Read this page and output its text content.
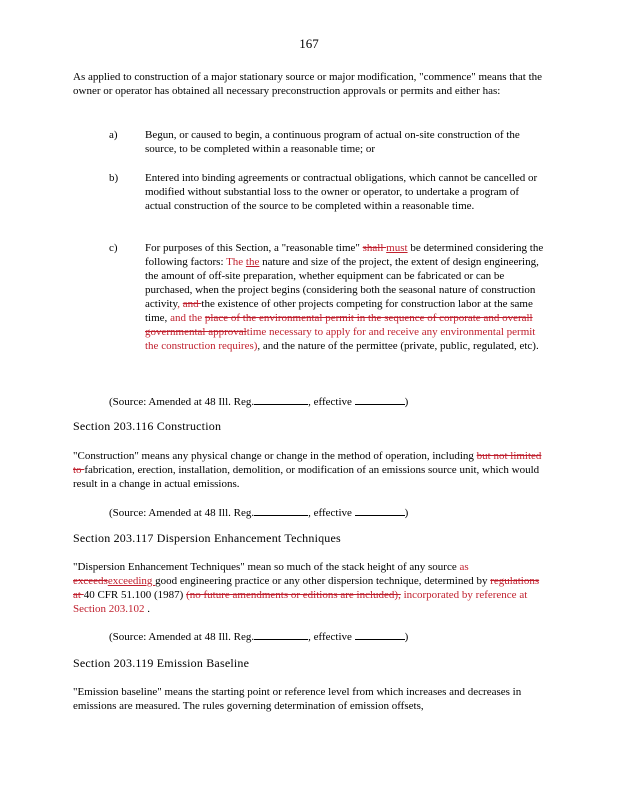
167
As applied to construction of a major stationary source or major modification, "commence" means that the owner or operator has obtained all necessary preconstruction approvals or permits and either has:
a) Begun, or caused to begin, a continuous program of actual on-site construction of the source, to be completed within a reasonable time; or
b) Entered into binding agreements or contractual obligations, which cannot be cancelled or modified without substantial loss to the owner or operator, to undertake a program of actual construction of the source to be completed within a reasonable time.
c) For purposes of this Section, a "reasonable time" shall must be determined considering the following factors: The the nature and size of the project, the extent of design engineering, the amount of off-site preparation, whether equipment can be fabricated or can be purchased, when the project begins (considering both the seasonal nature of construction activity, and the existence of other projects competing for construction labor at the same time, and the place of the environmental permit in the sequence of corporate and overall governmental approvaltime necessary to apply for and receive any environmental permit the construction requires), and the nature of the permittee (private, public, regulated, etc).
(Source: Amended at 48 Ill. Reg.	, effective	)
Section 203.116 Construction
"Construction" means any physical change or change in the method of operation, including but not limited to fabrication, erection, installation, demolition, or modification of an emissions source unit, which would result in a change in actual emissions.
(Source: Amended at 48 Ill. Reg.	, effective	)
Section 203.117 Dispersion Enhancement Techniques
"Dispersion Enhancement Techniques" mean so much of the stack height of any source as exceedsexceeding good engineering practice or any other dispersion technique, determined by regulations at 40 CFR 51.100 (1987) (no future amendments or editions are included), incorporated by reference at Section 203.102 .
(Source: Amended at 48 Ill. Reg.	, effective	)
Section 203.119 Emission Baseline
"Emission baseline" means the starting point or reference level from which increases and decreases in emissions are measured. The rules governing determination of emission offsets,
